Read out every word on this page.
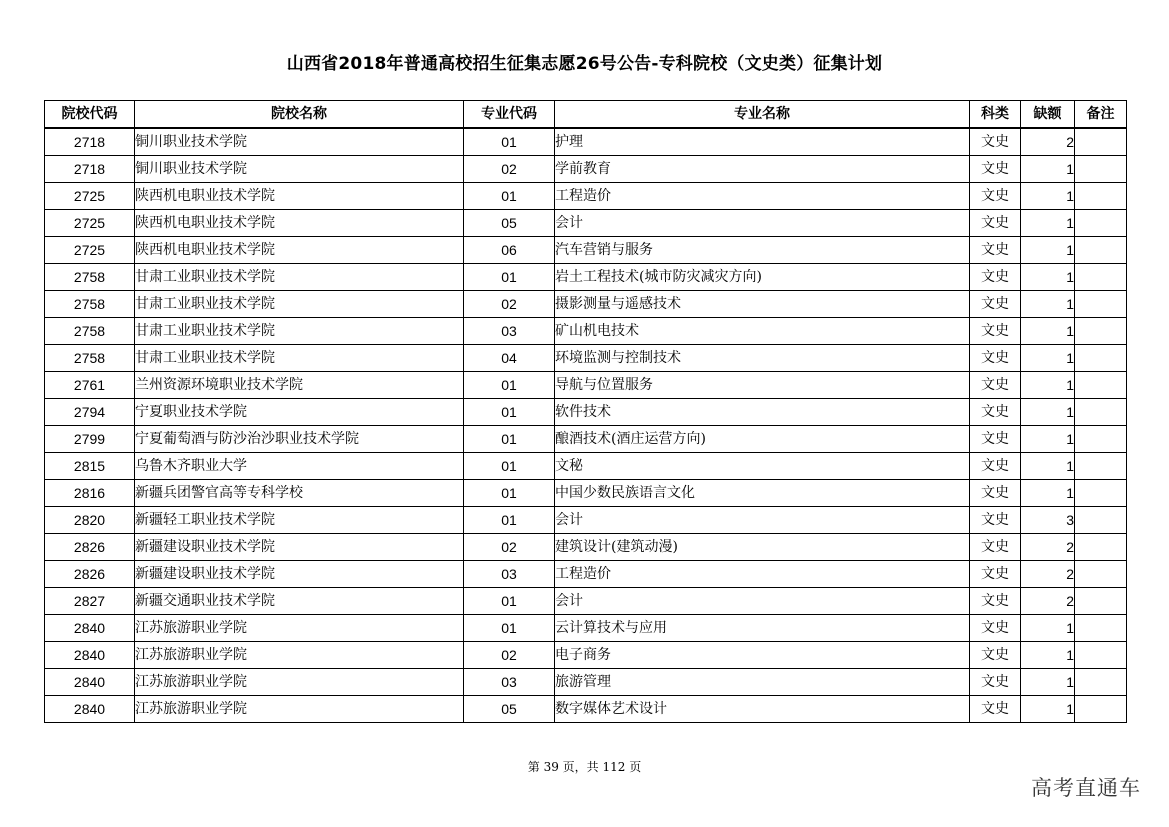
山西省2018年普通高校招生征集志愿26号公告-专科院校（文史类）征集计划
院校代码	院校名称	专业代码	专业名称	科类	缺额	备注
2718	铜川职业技术学院	01	护理	文史	2	
2718	铜川职业技术学院	02	学前教育	文史	1	
2725	陕西机电职业技术学院	01	工程造价	文史	1	
2725	陕西机电职业技术学院	05	会计	文史	1	
2725	陕西机电职业技术学院	06	汽车营销与服务	文史	1	
2758	甘肃工业职业技术学院	01	岩土工程技术(城市防灾减灾方向)	文史	1	
2758	甘肃工业职业技术学院	02	摄影测量与遥感技术	文史	1	
2758	甘肃工业职业技术学院	03	矿山机电技术	文史	1	
2758	甘肃工业职业技术学院	04	环境监测与控制技术	文史	1	
2761	兰州资源环境职业技术学院	01	导航与位置服务	文史	1	
2794	宁夏职业技术学院	01	软件技术	文史	1	
2799	宁夏葡萄酒与防沙治沙职业技术学院	01	酿酒技术(酒庄运营方向)	文史	1	
2815	乌鲁木齐职业大学	01	文秘	文史	1	
2816	新疆兵团警官高等专科学校	01	中国少数民族语言文化	文史	1	
2820	新疆轻工职业技术学院	01	会计	文史	3	
2826	新疆建设职业技术学院	02	建筑设计(建筑动漫)	文史	2	
2826	新疆建设职业技术学院	03	工程造价	文史	2	
2827	新疆交通职业技术学院	01	会计	文史	2	
2840	江苏旅游职业学院	01	云计算技术与应用	文史	1	
2840	江苏旅游职业学院	02	电子商务	文史	1	
2840	江苏旅游职业学院	03	旅游管理	文史	1	
2840	江苏旅游职业学院	05	数字媒体艺术设计	文史	1	
第 39 页，共 112 页
高考直通车
